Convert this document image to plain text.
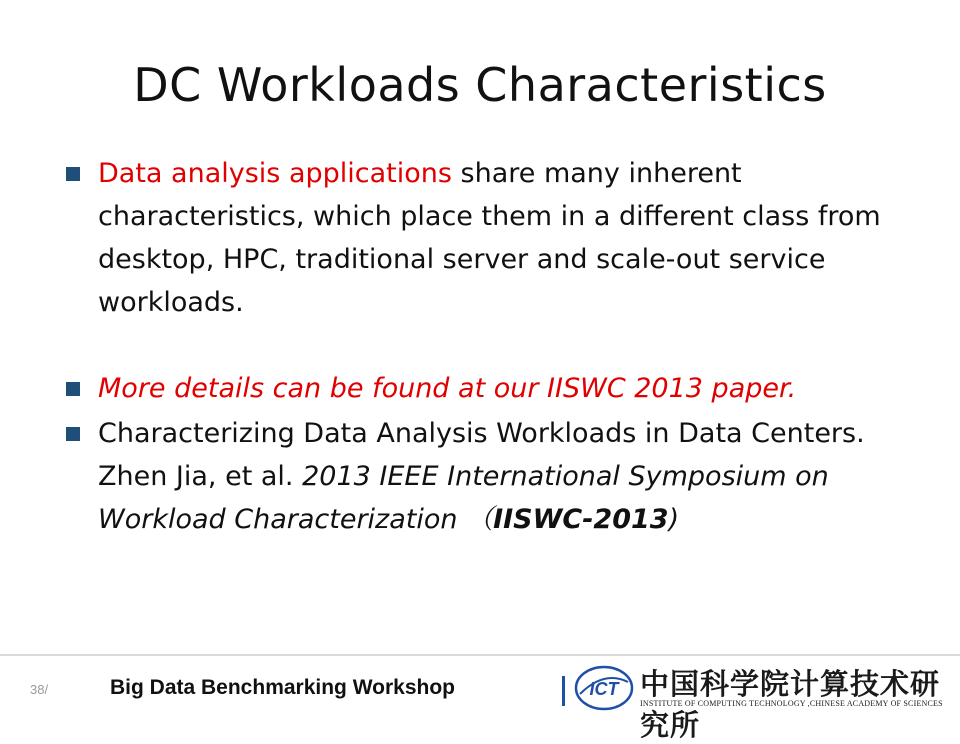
DC Workloads Characteristics
Data analysis applications share many inherent characteristics, which place them in a different class from desktop, HPC, traditional server and scale-out service workloads.
More details can be found at our IISWC 2013 paper.
Characterizing Data Analysis Workloads in Data Centers. Zhen Jia, et al. 2013 IEEE International Symposium on Workload Characterization （IISWC-2013)
38/	Big Data Benchmarking Workshop	ICT 中国科学院计算技术研究所
INSTITUTE OF COMPUTING TECHNOLOGY ,CHINESE ACADEMY OF SCIENCES
